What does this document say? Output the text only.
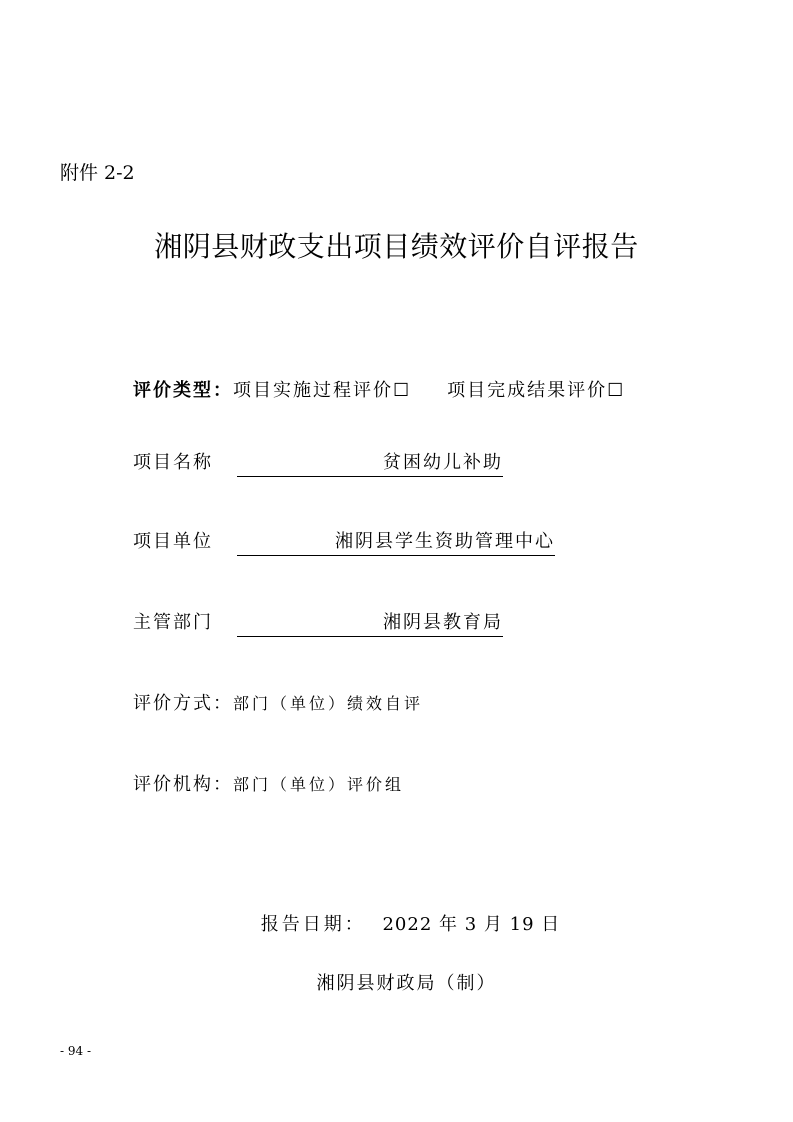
附件 2-2
湘阴县财政支出项目绩效评价自评报告
评价类型： 项目实施过程评价☐ 项目完成结果评价☐
项目名称	贫困幼儿补助
项目单位	湘阴县学生资助管理中心
主管部门	湘阴县教育局
评价方式： 部门（单位）绩效自评
评价机构： 部门（单位）评价组
报告日期： 2022 年 3 月 19 日
湘阴县财政局（制）
- 94 -
